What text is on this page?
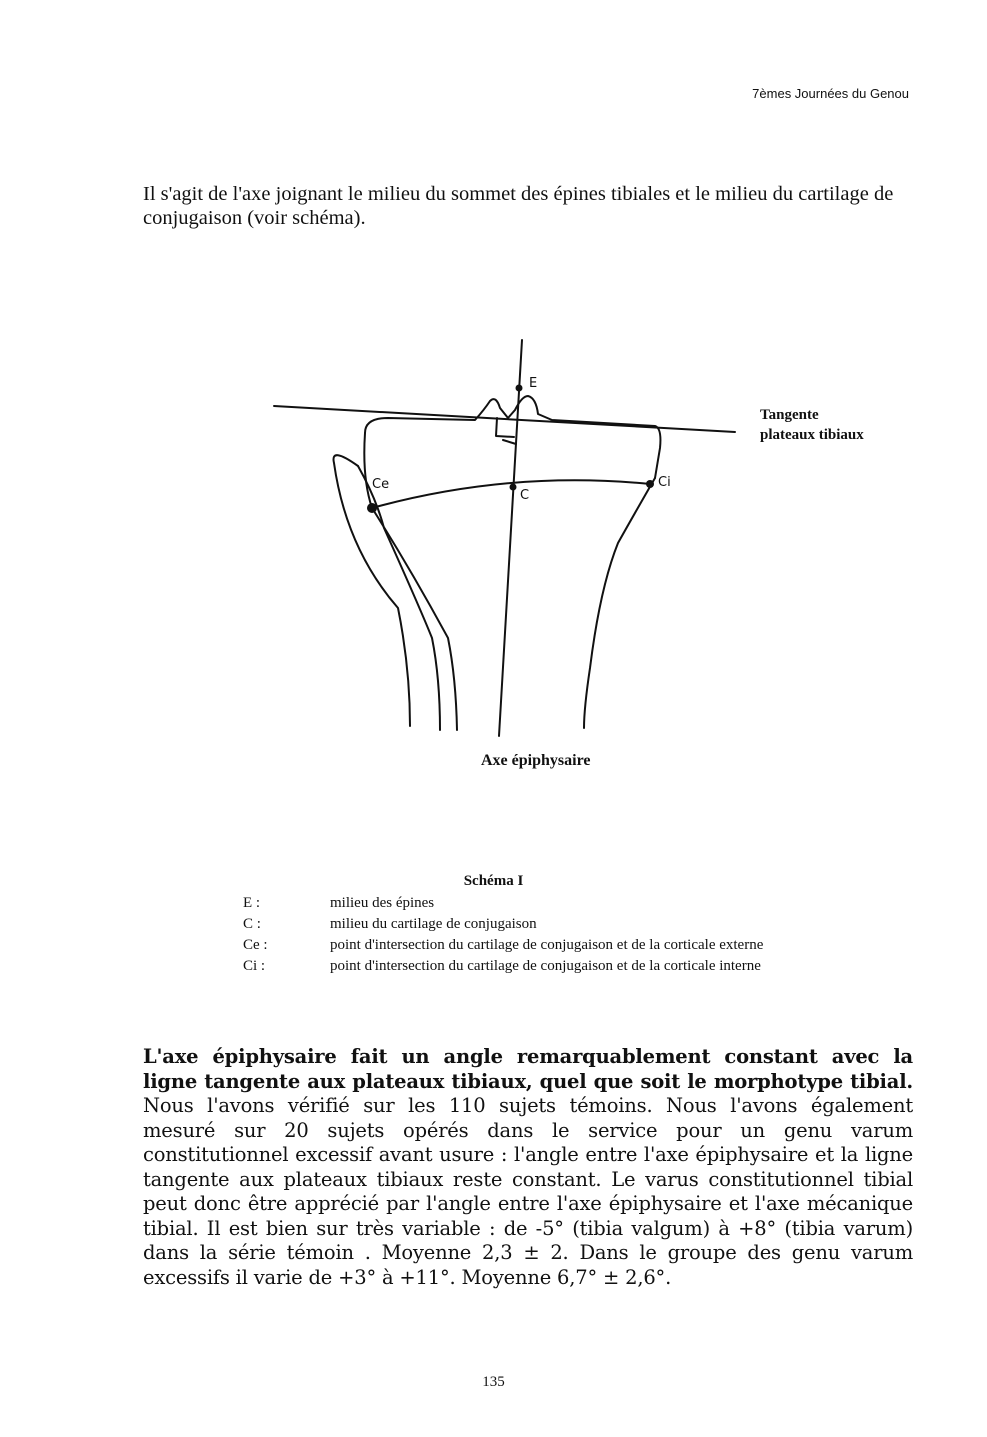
7èmes Journées du Genou
Il s'agit de l'axe joignant le milieu du sommet des épines tibiales et le milieu du cartilage de conjugaison (voir schéma).
E
C
Ce	Ci
Tangente
plateaux tibiaux
Axe épiphysaire
Schéma I
E :	milieu des épines
C :	milieu du cartilage de conjugaison
Ce :	point d'intersection du cartilage de conjugaison et de la corticale externe
Ci :	point d'intersection du cartilage de conjugaison et de la corticale interne
L'axe épiphysaire fait un angle remarquablement constant avec la ligne tangente aux plateaux tibiaux, quel que soit le morphotype tibial. Nous l'avons vérifié sur les 110 sujets témoins. Nous l'avons également mesuré sur 20 sujets opérés dans le service pour un genu varum constitutionnel excessif avant usure : l'angle entre l'axe épiphysaire et la ligne tangente aux plateaux tibiaux reste constant. Le varus constitutionnel tibial peut donc être apprécié par l'angle entre l'axe épiphysaire et l'axe mécanique tibial. Il est bien sur très variable : de -5° (tibia valgum) à +8° (tibia varum) dans la série témoin . Moyenne 2,3 ± 2. Dans le groupe des genu varum excessifs il varie de +3° à +11°. Moyenne 6,7° ± 2,6°.
135
